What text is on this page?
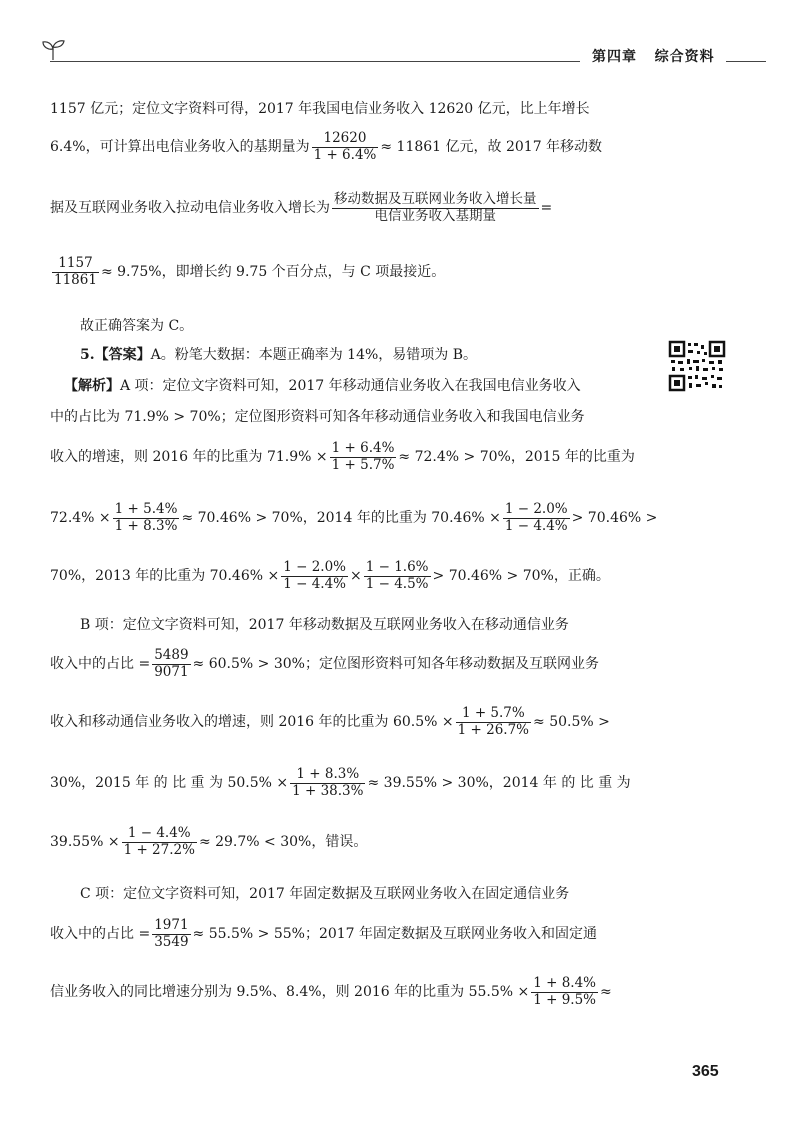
第四章 综合资料
1157 亿元；定位文字资料可得，2017 年我国电信业务收入 12620 亿元，比上年增长
6.4%，可计算出电信业务收入的基期量为 $\frac{12620}{1 + 6.4\%} \approx 11861$ 亿元，故 2017 年移动数
据及互联网业务收入拉动电信业务收入增长为 $\frac{\text{移动数据及互联网业务收入增长量}}{\text{电信业务收入基期量}}$ =
$\frac{1157}{11861} \approx 9.75\%$，即增长约 9.75 个百分点，与 C 项最接近。
故正确答案为 C。
5.【答案】A。粉笔大数据：本题正确率为 14%，易错项为 B。
【解析】A 项：定位文字资料可知，2017 年移动通信业务收入在我国电信业务收入
中的占比为 71.9% > 70%；定位图形资料可知各年移动通信业务收入和我国电信业务
收入的增速，则 2016 年的比重为 $71.9\% \times \frac{1 + 6.4\%}{1 + 5.7\%} \approx 72.4\% > 70\%$，2015 年的比重为
$72.4\% \times \frac{1 + 5.4\%}{1 + 8.3\%} \approx 70.46\% > 70\%$，2014 年的比重为 $70.46\% \times \frac{1 - 2.0\%}{1 - 4.4\%} > 70.46\%$ >
70%，2013 年的比重为 $70.46\% \times \frac{1 - 2.0\%}{1 - 4.4\%} \times \frac{1 - 1.6\%}{1 - 4.5\%} > 70.46\% > 70\%$，正确。
B 项：定位文字资料可知，2017 年移动数据及互联网业务收入在移动通信业务
收入中的占比 = $\frac{5489}{9071} \approx 60.5\% > 30\%$；定位图形资料可知各年移动数据及互联网业务
收入和移动通信业务收入的增速，则 2016 年的比重为 $60.5\% \times \frac{1 + 5.7\%}{1 + 26.7\%} \approx 50.5\%$ >
30%，2015 年 的 比 重 为 $50.5\% \times \frac{1 + 8.3\%}{1 + 38.3\%} \approx 39.55\% > 30\%$，2014 年 的 比 重 为
$39.55\% \times \frac{1 - 4.4\%}{1 + 27.2\%} \approx 29.7\% < 30\%$，错误。
C 项：定位文字资料可知，2017 年固定数据及互联网业务收入在固定通信业务
收入中的占比 = $\frac{1971}{3549} \approx 55.5\% > 55\%$；2017 年固定数据及互联网业务收入和固定通
信业务收入的同比增速分别为 9.5%、8.4%，则 2016 年的比重为 $55.5\% \times \frac{1 + 8.4\%}{1 + 9.5\%}$ ≈
365
